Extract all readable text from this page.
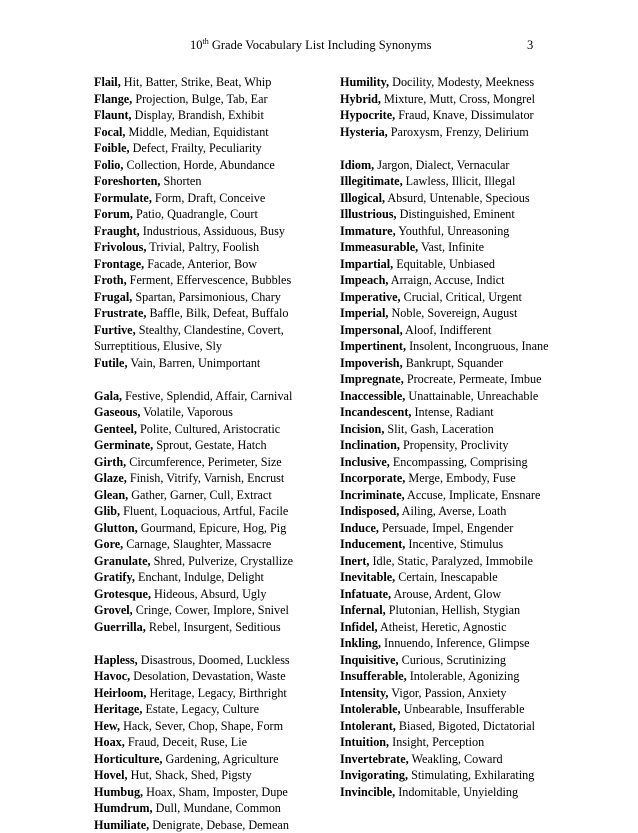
10th Grade Vocabulary List Including Synonyms	3
Flail, Hit, Batter, Strike, Beat, Whip
Flange, Projection, Bulge, Tab, Ear
Flaunt, Display, Brandish, Exhibit
Focal, Middle, Median, Equidistant
Foible, Defect, Frailty, Peculiarity
Folio, Collection, Horde, Abundance
Foreshorten, Shorten
Formulate, Form, Draft, Conceive
Forum, Patio, Quadrangle, Court
Fraught, Industrious, Assiduous, Busy
Frivolous, Trivial, Paltry, Foolish
Frontage, Facade, Anterior, Bow
Froth, Ferment, Effervescence, Bubbles
Frugal, Spartan, Parsimonious, Chary
Frustrate, Baffle, Bilk, Defeat, Buffalo
Furtive, Stealthy, Clandestine, Covert, Surreptitious, Elusive, Sly
Futile, Vain, Barren, Unimportant
Gala, Festive, Splendid, Affair, Carnival
Gaseous, Volatile, Vaporous
Genteel, Polite, Cultured, Aristocratic
Germinate, Sprout, Gestate, Hatch
Girth, Circumference, Perimeter, Size
Glaze, Finish, Vitrify, Varnish, Encrust
Glean, Gather, Garner, Cull, Extract
Glib, Fluent, Loquacious, Artful, Facile
Glutton, Gourmand, Epicure, Hog, Pig
Gore, Carnage, Slaughter, Massacre
Granulate, Shred, Pulverize, Crystallize
Gratify, Enchant, Indulge, Delight
Grotesque, Hideous, Absurd, Ugly
Grovel, Cringe, Cower, Implore, Snivel
Guerrilla, Rebel, Insurgent, Seditious
Hapless, Disastrous, Doomed, Luckless
Havoc, Desolation, Devastation, Waste
Heirloom, Heritage, Legacy, Birthright
Heritage, Estate, Legacy, Culture
Hew, Hack, Sever, Chop, Shape, Form
Hoax, Fraud, Deceit, Ruse, Lie
Horticulture, Gardening, Agriculture
Hovel, Hut, Shack, Shed, Pigsty
Humbug, Hoax, Sham, Imposter, Dupe
Humdrum, Dull, Mundane, Common
Humiliate, Denigrate, Debase, Demean
Humility, Docility, Modesty, Meekness
Hybrid, Mixture, Mutt, Cross, Mongrel
Hypocrite, Fraud, Knave, Dissimulator
Hysteria, Paroxysm, Frenzy, Delirium
Idiom, Jargon, Dialect, Vernacular
Illegitimate, Lawless, Illicit, Illegal
Illogical, Absurd, Untenable, Specious
Illustrious, Distinguished, Eminent
Immature, Youthful, Unreasoning
Immeasurable, Vast, Infinite
Impartial, Equitable, Unbiased
Impeach, Arraign, Accuse, Indict
Imperative, Crucial, Critical, Urgent
Imperial, Noble, Sovereign, August
Impersonal, Aloof, Indifferent
Impertinent, Insolent, Incongruous, Inane
Impoverish, Bankrupt, Squander
Impregnate, Procreate, Permeate, Imbue
Inaccessible, Unattainable, Unreachable
Incandescent, Intense, Radiant
Incision, Slit, Gash, Laceration
Inclination, Propensity, Proclivity
Inclusive, Encompassing, Comprising
Incorporate, Merge, Embody, Fuse
Incriminate, Accuse, Implicate, Ensnare
Indisposed, Ailing, Averse, Loath
Induce, Persuade, Impel, Engender
Inducement, Incentive, Stimulus
Inert, Idle, Static, Paralyzed, Immobile
Inevitable, Certain, Inescapable
Infatuate, Arouse, Ardent, Glow
Infernal, Plutonian, Hellish, Stygian
Infidel, Atheist, Heretic, Agnostic
Inkling, Innuendo, Inference, Glimpse
Inquisitive, Curious, Scrutinizing
Insufferable, Intolerable, Agonizing
Intensity, Vigor, Passion, Anxiety
Intolerable, Unbearable, Insufferable
Intolerant, Biased, Bigoted, Dictatorial
Intuition, Insight, Perception
Invertebrate, Weakling, Coward
Invigorating, Stimulating, Exhilarating
Invincible, Indomitable, Unyielding
